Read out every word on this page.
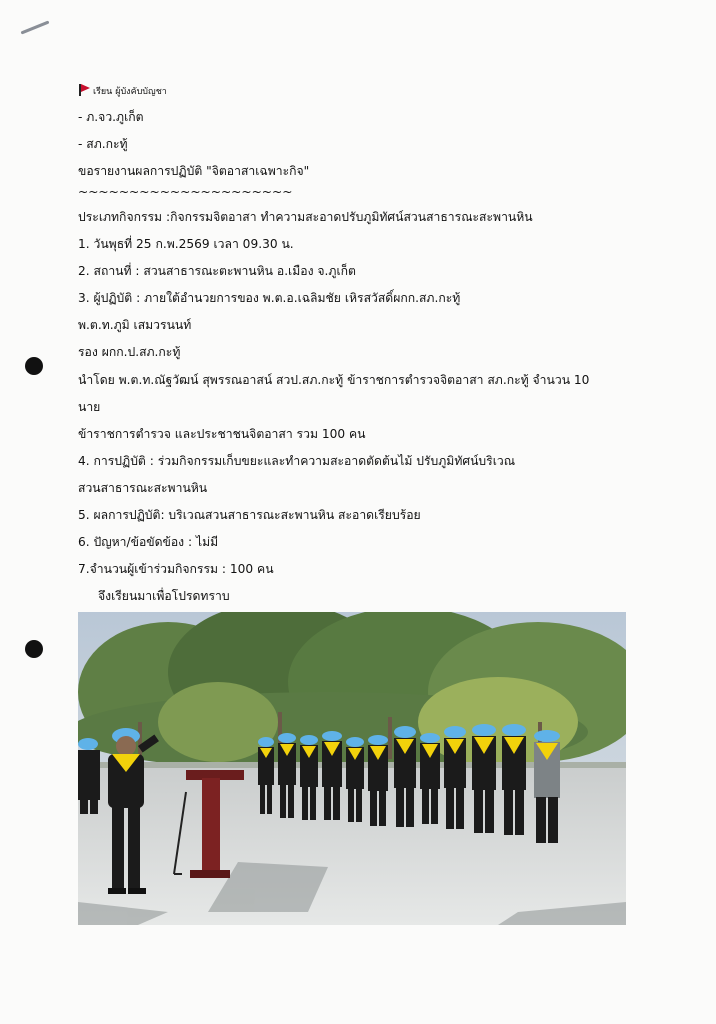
เรียน ผู้บังคับบัญชา
- ภ.จว.ภูเก็ต
- สภ.กะทู้
ขอรายงานผลการปฏิบัติ "จิตอาสาเฉพาะกิจ"
~~~~~~~~~~~~~~~~~~~~~
ประเภทกิจกรรม :กิจกรรมจิตอาสา ทำความสะอาดปรับภูมิทัศน์สวนสาธารณะสะพานหิน
1. วันพุธที่ 25 ก.พ.2569 เวลา 09.30 น.
2. สถานที่ : สวนสาธารณะตะพานหิน อ.เมือง จ.ภูเก็ต
3. ผู้ปฏิบัติ : ภายใต้อำนวยการของ พ.ต.อ.เฉลิมชัย เหิรสวัสดิ์ผกก.สภ.กะทู้
พ.ต.ท.ภูมิ เสมวรนนท์
รอง ผกก.ป.สภ.กะทู้
นำโดย พ.ต.ท.ณัฐวัฒน์ สุพรรณอาสน์ สวป.สภ.กะทู้ ข้าราชการตำรวจจิตอาสา สภ.กะทู้ จำนวน 10
นาย
ข้าราชการตำรวจ และประชาชนจิตอาสา รวม 100 คน
4. การปฏิบัติ : ร่วมกิจกรรมเก็บขยะและทำความสะอาดตัดต้นไม้ ปรับภูมิทัศน์บริเวณ
สวนสาธารณะสะพานหิน
5. ผลการปฏิบัติ: บริเวณสวนสาธารณะสะพานหิน สะอาดเรียบร้อย
6. ปัญหา/ข้อขัดข้อง : ไม่มี
7.จำนวนผู้เข้าร่วมกิจกรรม : 100 คน
จึงเรียนมาเพื่อโปรดทราบ
